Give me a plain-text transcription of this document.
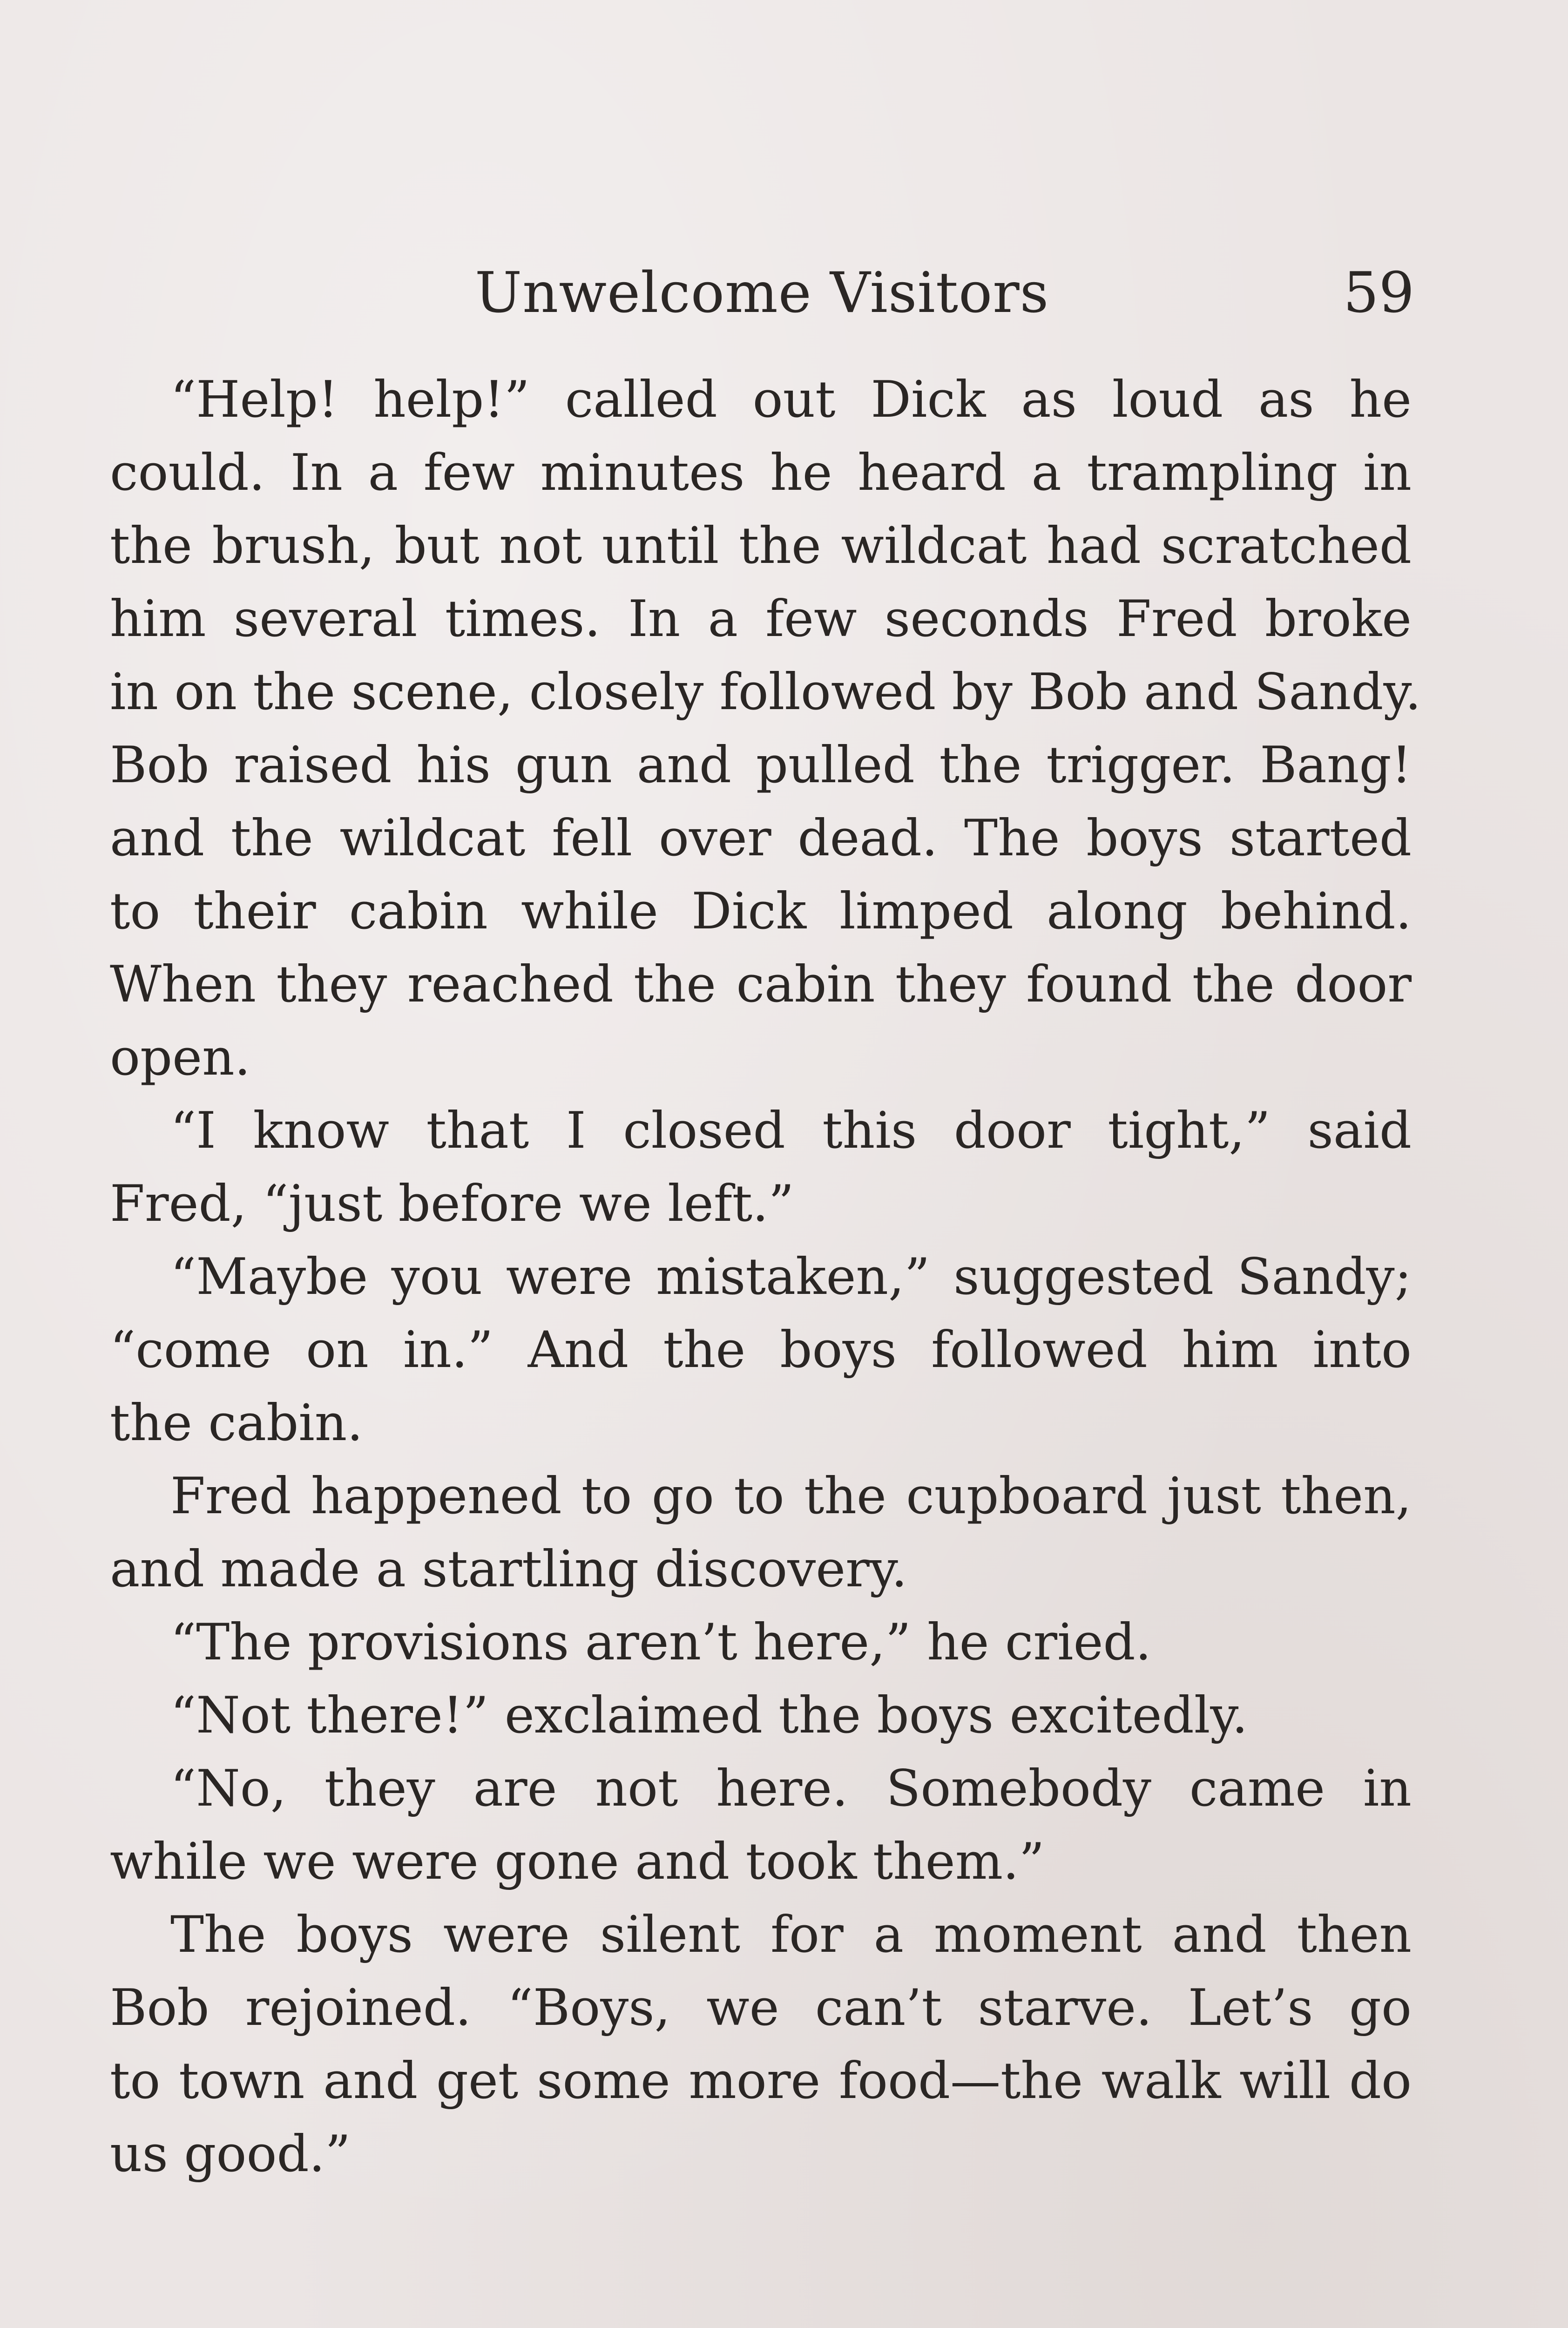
Unwelcome Visitors	59
“Help! help!” called out Dick as loud as he
could. In a few minutes he heard a trampling in
the brush, but not until the wildcat had scratched
him several times. In a few seconds Fred broke
in on the scene, closely followed by Bob and Sandy.
Bob raised his gun and pulled the trigger. Bang!
and the wildcat fell over dead. The boys started
to their cabin while Dick limped along behind.
When they reached the cabin they found the door
open.
“I know that I closed this door tight,” said
Fred, “just before we left.”
“Maybe you were mistaken,” suggested Sandy;
“come on in.” And the boys followed him into
the cabin.
Fred happened to go to the cupboard just then,
and made a startling discovery.
“The provisions aren’t here,” he cried.
“Not there!” exclaimed the boys excitedly.
“No, they are not here. Somebody came in
while we were gone and took them.”
The boys were silent for a moment and then
Bob rejoined. “Boys, we can’t starve. Let’s go
to town and get some more food—the walk will do
us good.”
